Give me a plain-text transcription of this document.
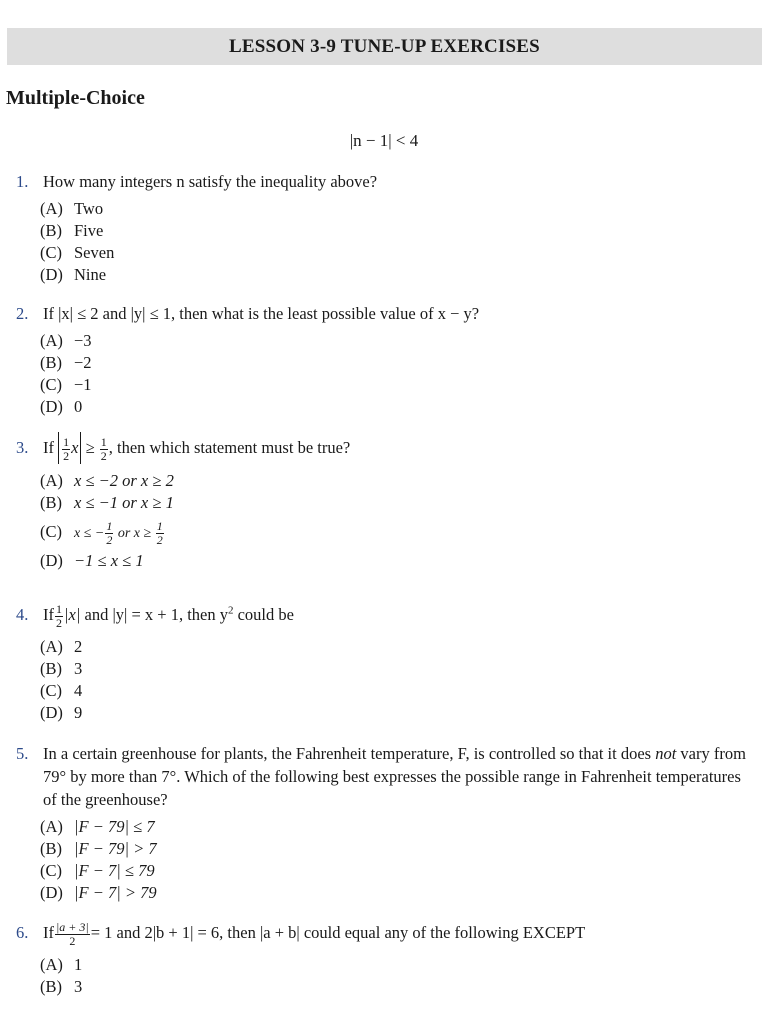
LESSON 3-9 TUNE-UP EXERCISES
Multiple-Choice
|n − 1| < 4
1. How many integers n satisfy the inequality above?
(A) Two
(B) Five
(C) Seven
(D) Nine
2. If |x| ≤ 2 and |y| ≤ 1, then what is the least possible value of x − y?
(A) −3
(B) −2
(C) −1
(D) 0
3. If $\frac{1}{2}$ $x \ge \frac{1}{2}$ , then which statement must be true?
(A) x ≤ −2 or x ≥ 2
(B) x ≤ −1 or x ≥ 1
(C) x ≤ − $\frac{1}{2}$ or $x \ge \frac{1}{2}$
(D) −1 ≤ x ≤ 1
4. If $\frac{1}{2} |x|$ and |y| = x + 1, then $y^2$ could be
(A) 2
(B) 3
(C) 4
(D) 9
5. In a certain greenhouse for plants, the Fahrenheit temperature, F, is controlled so that it does not vary from 79° by more than 7°. Which of the following best expresses the possible range in Fahrenheit temperatures of the greenhouse?
(A) |F − 79| ≤ 7
(B) |F − 79| > 7
(C) |F − 7| ≤ 79
(D) |F − 7| > 79
6. If $\frac{|a + 3|}{2} = 1$ and 2|b + 1| = 6, then |a + b| could equal any of the following EXCEPT
(A) 1
(B) 3
